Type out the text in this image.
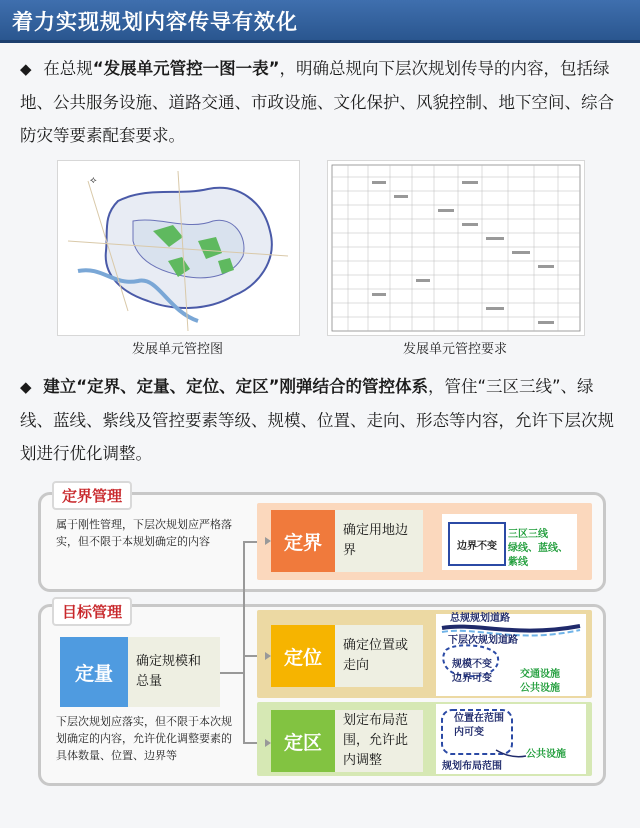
着力实现规划内容传导有效化
◆ 在总规“发展单元管控一图一表”，明确总规向下层次规划传导的内容，包括绿地、公共服务设施、道路交通、市政设施、文化保护、风貌控制、地下空间、综合防灾等要素配套要求。
⟡
发展单元管控图	发展单元管控要求
◆ 建立“定界、定量、定位、定区”刚弹结合的管控体系，管住“三区三线”、绿线、蓝线、紫线及管控要素等级、规模、位置、走向、形态等内容，允许下层次规划进行优化调整。
定界管理
属于刚性管理，下层次规划应严格落实，但不限于本规划确定的内容
目标管理
定量
确定规模和总量
下层次规划应落实，但不限于本次规划确定的内容，允许优化调整要素的具体数量、位置、边界等
定界
确定用地边界	边界不变
三区三线
绿线、蓝线、紫线
定位
确定位置或走向
总规规划道路
下层次规划道路
规模不变
边界可变	交通设施
公共设施
定区
划定布局范围，允许此内调整
位置在范围
内可变
公共设施
规划布局范围
